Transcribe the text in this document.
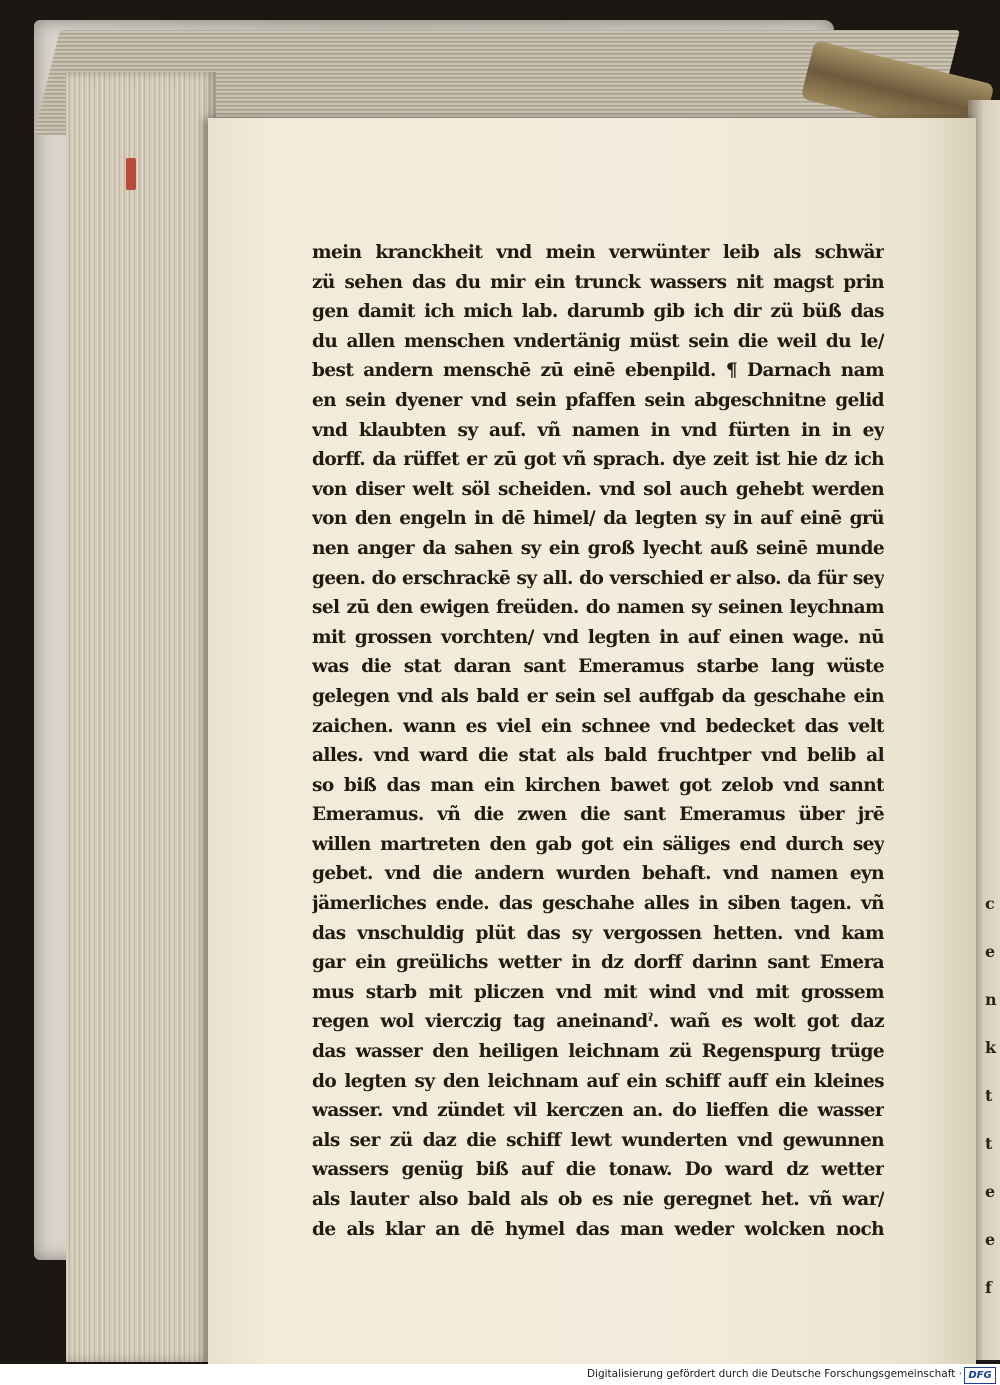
c
e
n
k
t
t
e
e
f
mein kranckheit vnd mein verwünter leib als schwär
zü sehen das du mir ein trunck wassers nit magst prin
gen damit ich mich lab. darumb gib ich dir zü büß das
du allen menschen vndertänig müst sein die weil du le/
best andern menschē zū einē ebenpild. ¶ Darnach nam
en sein dyener vnd sein pfaffen sein abgeschnitne gelid
vnd klaubten sy auf. vñ namen in vnd fürten in in ey
dorff. da rüffet er zū got vñ sprach. dye zeit ist hie dz ich
von diser welt söl scheiden. vnd sol auch gehebt werden
von den engeln in dē himel/ da legten sy in auf einē grü
nen anger da sahen sy ein groß lyecht auß seinē munde
geen. do erschrackē sy all. do verschied er also. da für sey
sel zū den ewigen freüden. do namen sy seinen leychnam
mit grossen vorchten/ vnd legten in auf einen wage. nū
was die stat daran sant Emeramus starbe lang wüste
gelegen vnd als bald er sein sel auffgab da geschahe ein
zaichen. wann es viel ein schnee vnd bedecket das velt
alles. vnd ward die stat als bald fruchtper vnd belib al
so biß das man ein kirchen bawet got zelob vnd sannt
Emeramus. vñ die zwen die sant Emeramus über jrē
willen martreten den gab got ein säliges end durch sey
gebet. vnd die andern wurden behaft. vnd namen eyn
jämerliches ende. das geschahe alles in siben tagen. vñ
das vnschuldig plüt das sy vergossen hetten. vnd kam
gar ein greülichs wetter in dz dorff darinn sant Emera
mus starb mit pliczen vnd mit wind vnd mit grossem
regen wol vierczig tag aneinandˀ. wañ es wolt got daz
das wasser den heiligen leichnam zü Regenspurg trüge
do legten sy den leichnam auf ein schiff auff ein kleines
wasser. vnd zündet vil kerczen an. do lieffen die wasser
als ser zü daz die schiff lewt wunderten vnd gewunnen
wassers genüg biß auf die tonaw. Do ward dz wetter
als lauter also bald als ob es nie geregnet het. vñ war/
de als klar an dē hymel das man weder wolcken noch
Digitalisierung gefördert durch die Deutsche Forschungsgemeinschaft · DFG
